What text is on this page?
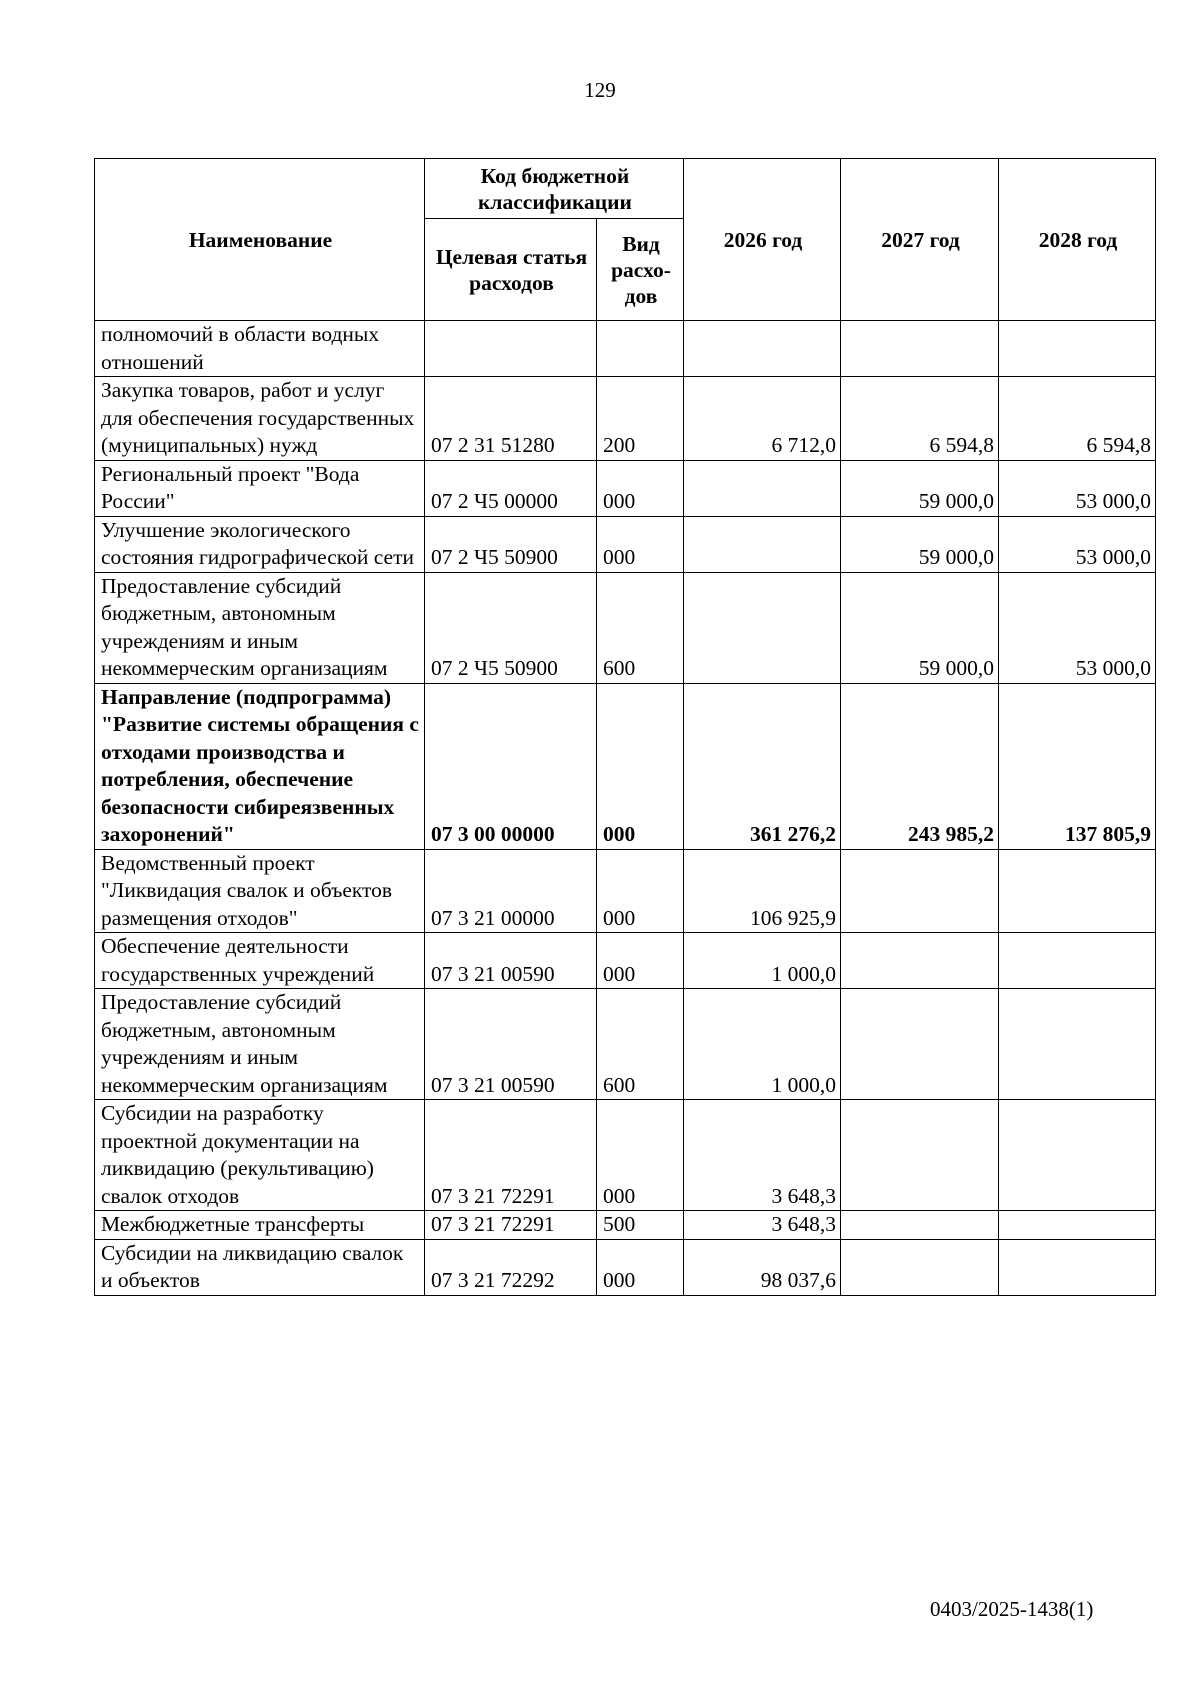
129
Наименование	Код бюджетной классификации		2026 год	2027 год	2028 год
	Целевая статья расходов	Вид расхо-дов			
полномочий в области водных отношений					
Закупка товаров, работ и услуг для обеспечения государственных (муниципальных) нужд	07 2 31 51280	200	6 712,0	6 594,8	6 594,8
Региональный проект "Вода России"	07 2 Ч5 00000	000		59 000,0	53 000,0
Улучшение экологического состояния гидрографической сети	07 2 Ч5 50900	000		59 000,0	53 000,0
Предоставление субсидий бюджетным, автономным учреждениям и иным некоммерческим организациям	07 2 Ч5 50900	600		59 000,0	53 000,0
Направление (подпрограмма) "Развитие системы обращения с отходами производства и потребления, обеспечение безопасности сибиреязвенных захоронений"	07 3 00 00000	000	361 276,2	243 985,2	137 805,9
Ведомственный проект "Ликвидация свалок и объектов размещения отходов"	07 3 21 00000	000	106 925,9		
Обеспечение деятельности государственных учреждений	07 3 21 00590	000	1 000,0		
Предоставление субсидий бюджетным, автономным учреждениям и иным некоммерческим организациям	07 3 21 00590	600	1 000,0		
Субсидии на разработку проектной документации на ликвидацию (рекультивацию) свалок отходов	07 3 21 72291	000	3 648,3		
Межбюджетные трансферты	07 3 21 72291	500	3 648,3		
Субсидии на ликвидацию свалок и объектов	07 3 21 72292	000	98 037,6		
0403/2025-1438(1)
